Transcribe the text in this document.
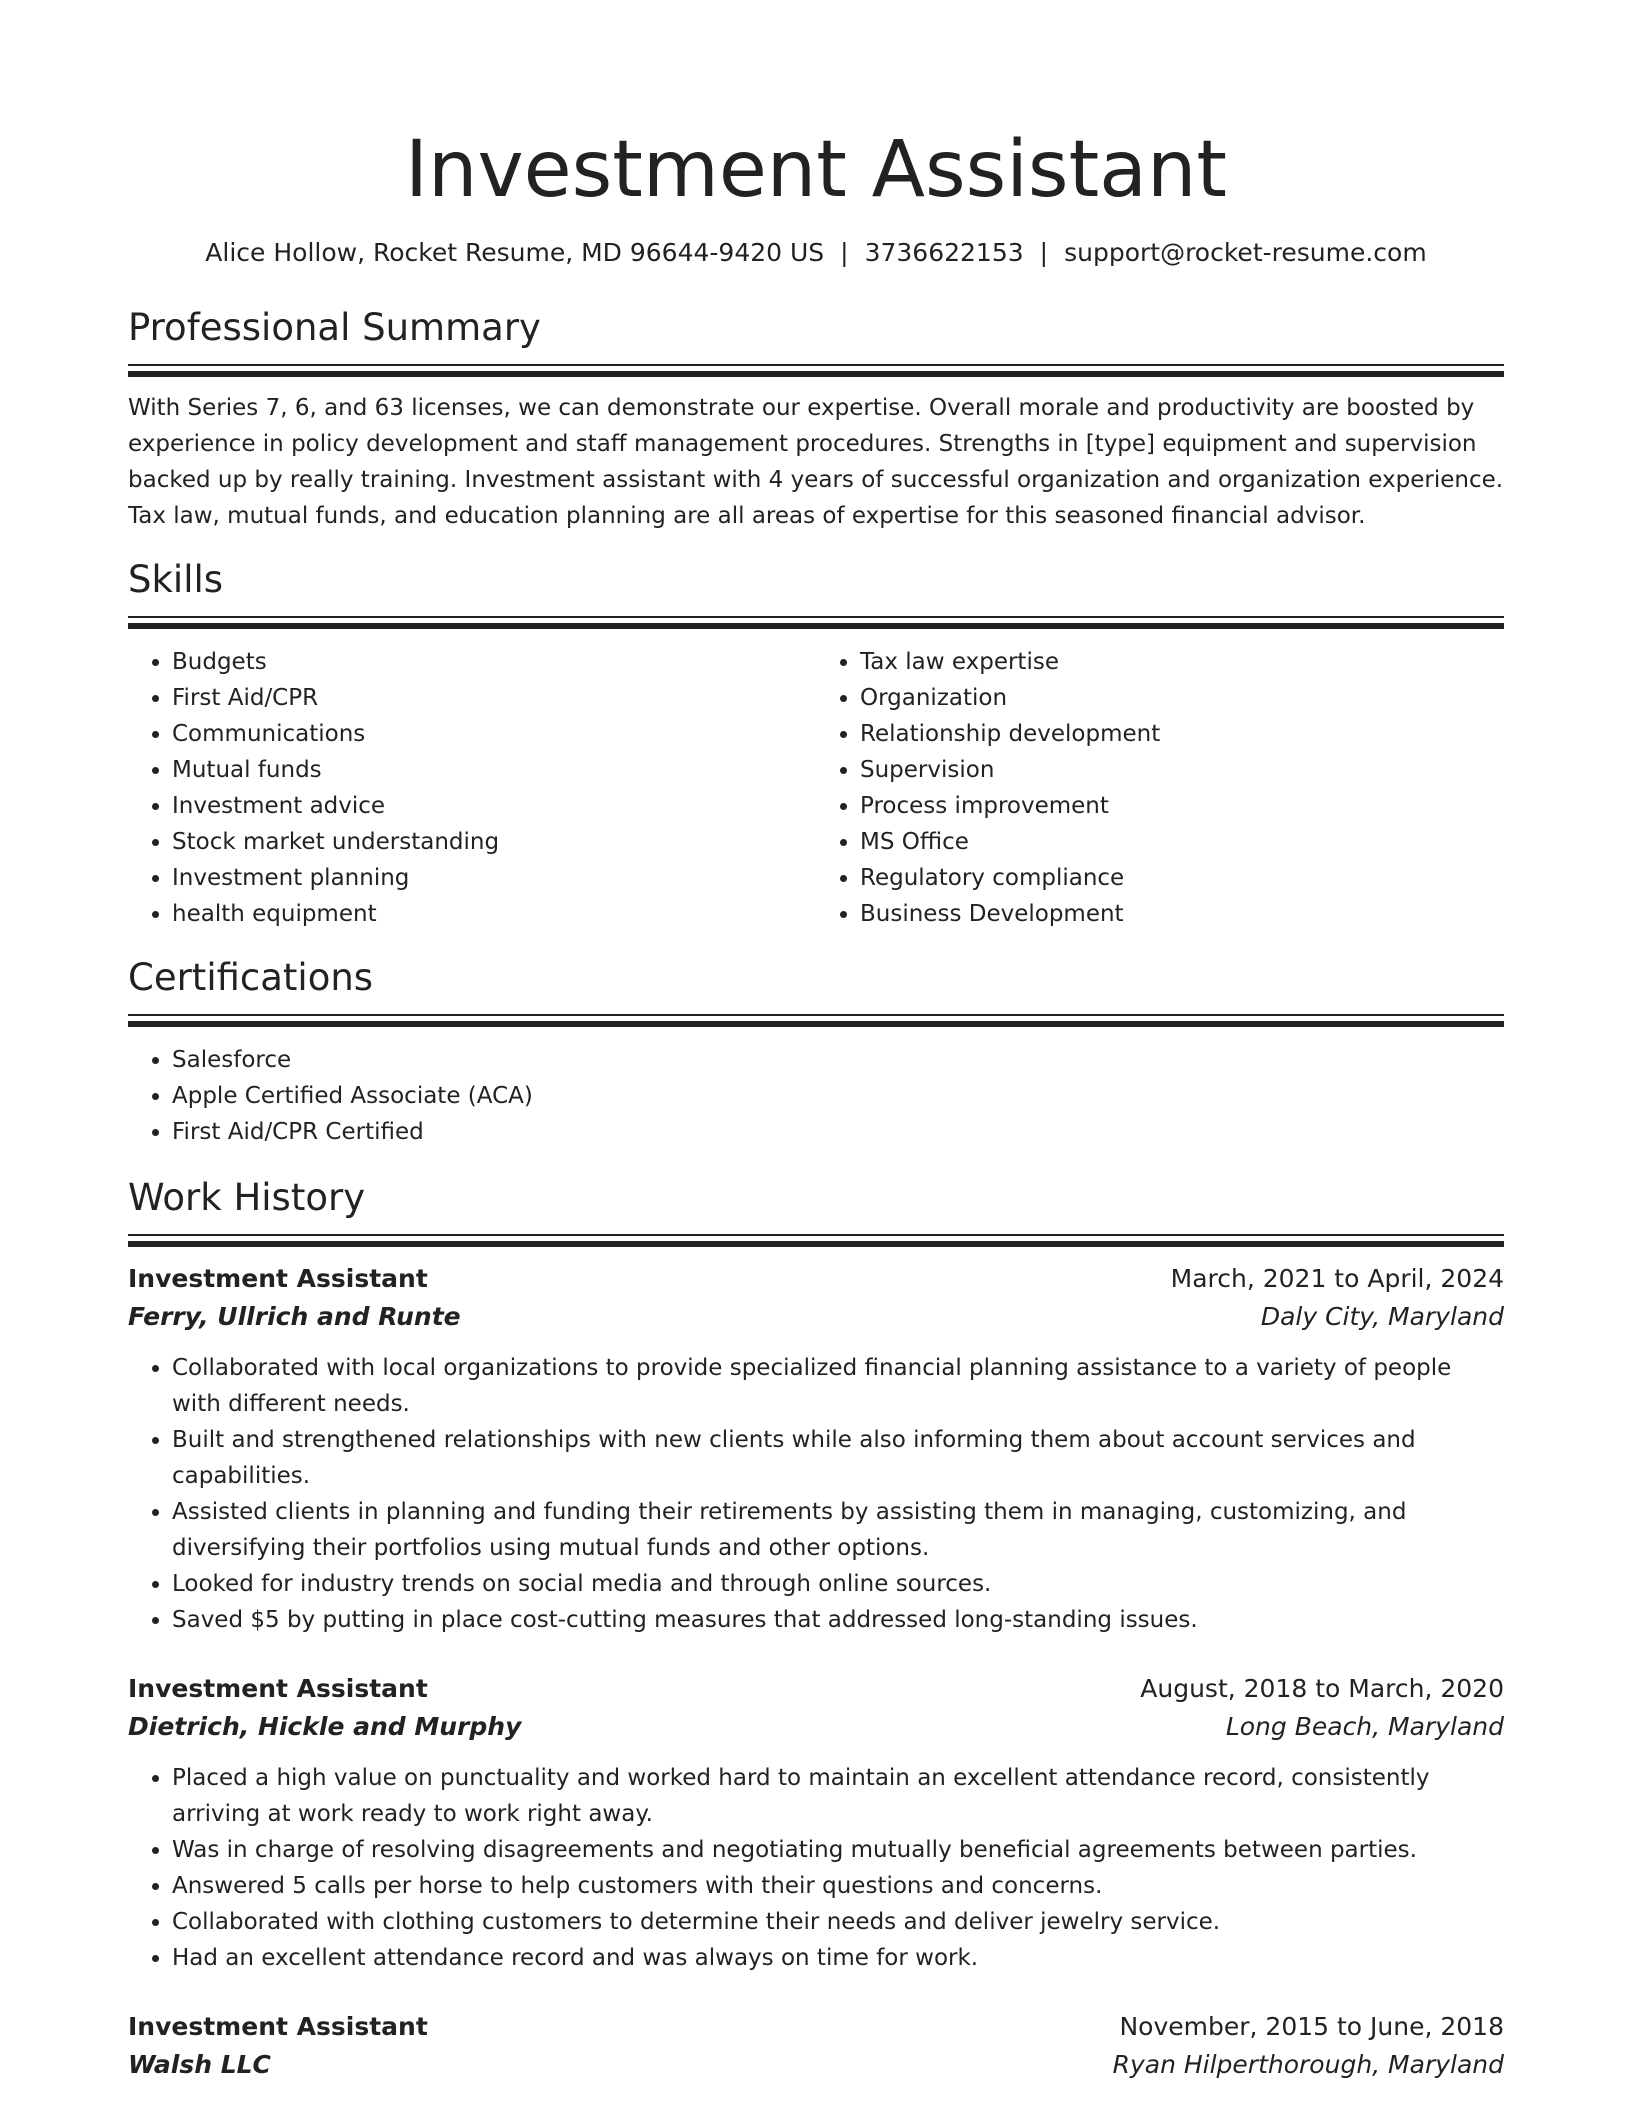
Investment Assistant
Alice Hollow, Rocket Resume, MD 96644-9420 US | 3736622153 | support@rocket-resume.com
Professional Summary
With Series 7, 6, and 63 licenses, we can demonstrate our expertise. Overall morale and productivity are boosted by experience in policy development and staff management procedures. Strengths in [type] equipment and supervision backed up by really training. Investment assistant with 4 years of successful organization and organization experience. Tax law, mutual funds, and education planning are all areas of expertise for this seasoned financial advisor.
Skills
• Budgets
• First Aid/CPR
• Communications
• Mutual funds
• Investment advice
• Stock market understanding
• Investment planning
• health equipment
• Tax law expertise
• Organization
• Relationship development
• Supervision
• Process improvement
• MS Office
• Regulatory compliance
• Business Development
Certifications
• Salesforce
• Apple Certified Associate (ACA)
• First Aid/CPR Certified
Work History
Investment Assistant	March, 2021 to April, 2024
Ferry, Ullrich and Runte	Daly City, Maryland
• Collaborated with local organizations to provide specialized financial planning assistance to a variety of people with different needs.
• Built and strengthened relationships with new clients while also informing them about account services and capabilities.
• Assisted clients in planning and funding their retirements by assisting them in managing, customizing, and diversifying their portfolios using mutual funds and other options.
• Looked for industry trends on social media and through online sources.
• Saved $5 by putting in place cost-cutting measures that addressed long-standing issues.
Investment Assistant	August, 2018 to March, 2020
Dietrich, Hickle and Murphy	Long Beach, Maryland
• Placed a high value on punctuality and worked hard to maintain an excellent attendance record, consistently arriving at work ready to work right away.
• Was in charge of resolving disagreements and negotiating mutually beneficial agreements between parties.
• Answered 5 calls per horse to help customers with their questions and concerns.
• Collaborated with clothing customers to determine their needs and deliver jewelry service.
• Had an excellent attendance record and was always on time for work.
Investment Assistant	November, 2015 to June, 2018
Walsh LLC	Ryan Hilperthorough, Maryland
